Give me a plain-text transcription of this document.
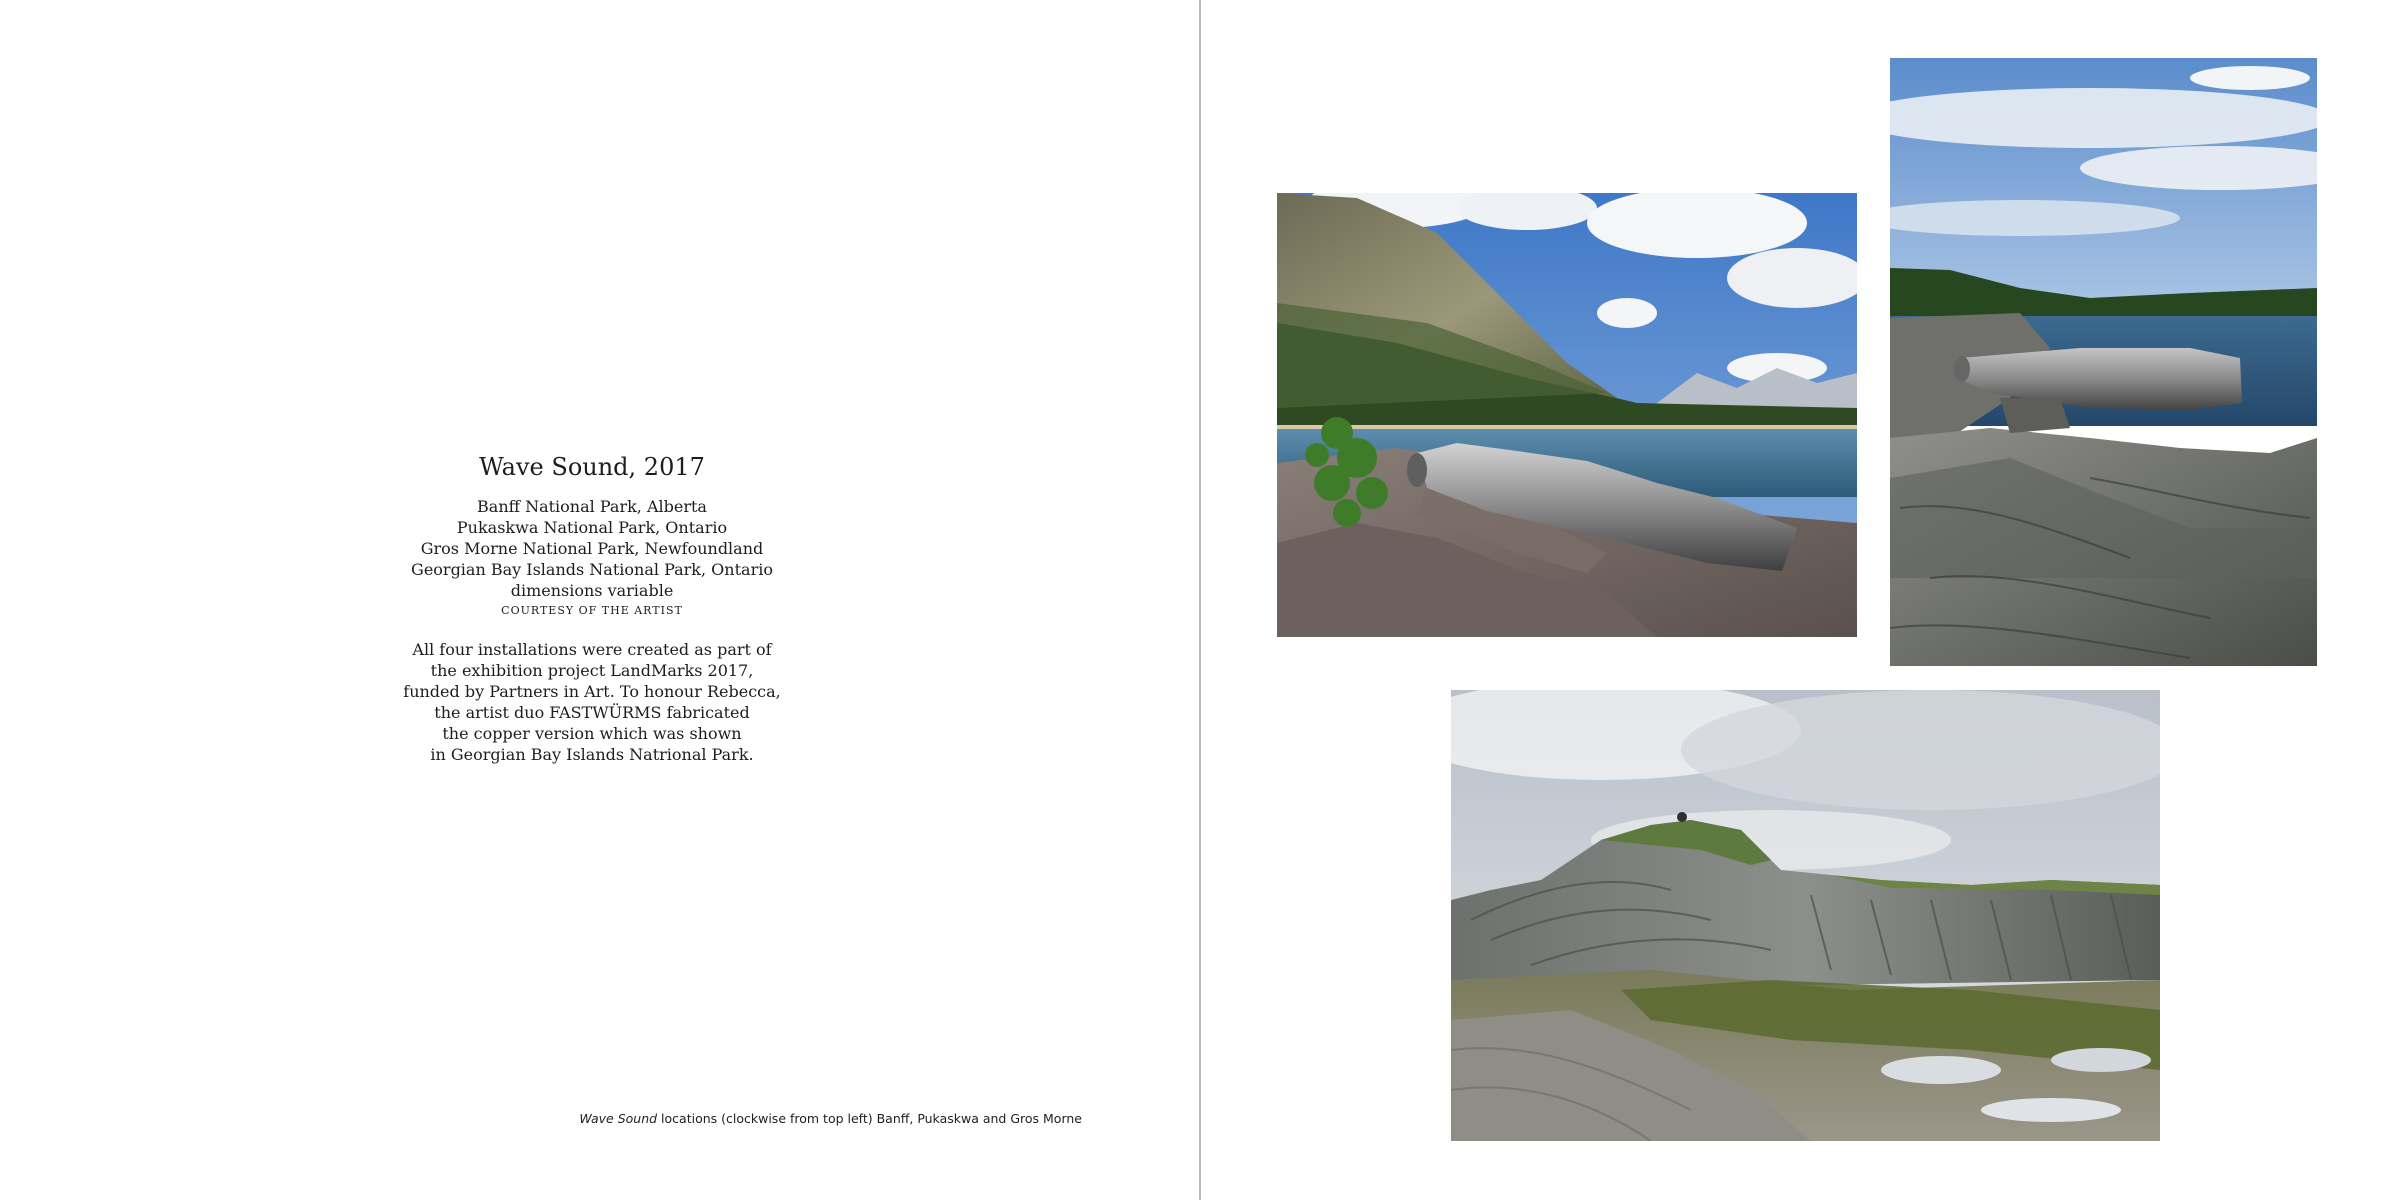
Wave Sound, 2017
Banff National Park, Alberta
Pukaskwa National Park, Ontario
Gros Morne National Park, Newfoundland
Georgian Bay Islands National Park, Ontario
dimensions variable
COURTESY OF THE ARTIST
All four installations were created as part of
the exhibition project LandMarks 2017,
funded by Partners in Art. To honour Rebecca,
the artist duo FASTWÜRMS fabricated
the copper version which was shown
in Georgian Bay Islands Natrional Park.
Wave Sound locations (clockwise from top left) Banff, Pukaskwa and Gros Morne
